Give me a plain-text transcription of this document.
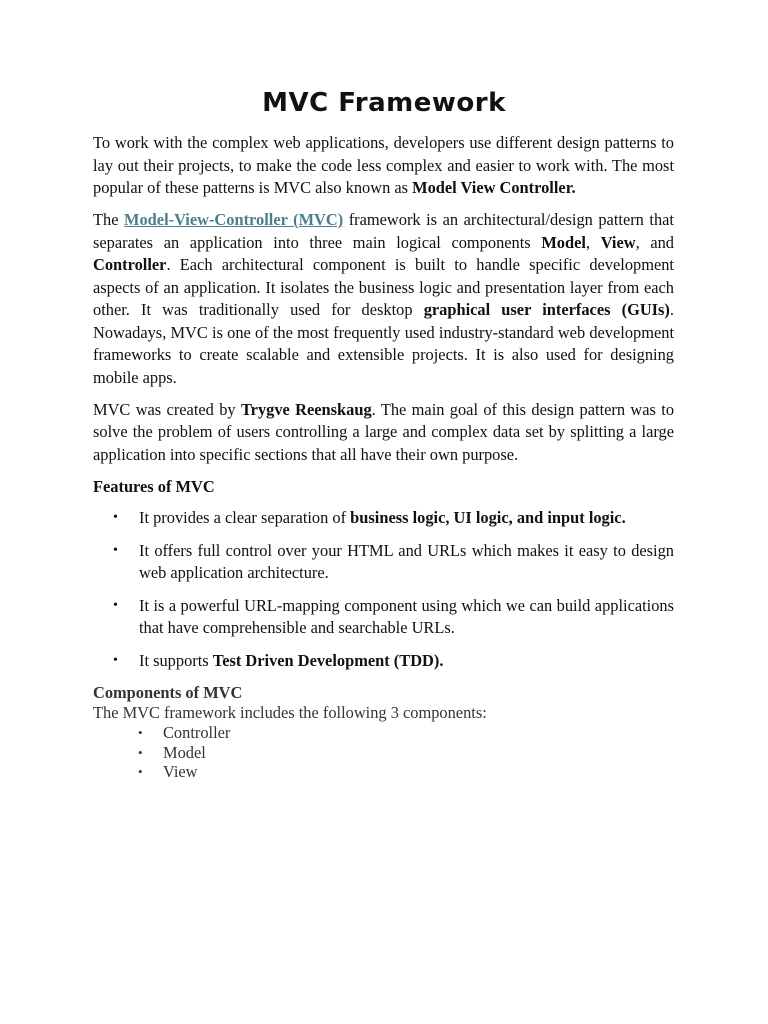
MVC Framework

To work with the complex web applications, developers use different design patterns to lay out their projects, to make the code less complex and easier to work with. The most popular of these patterns is MVC also known as Model View Controller.

The Model-View-Controller (MVC) framework is an architectural/design pattern that separates an application into three main logical components Model, View, and Controller. Each architectural component is built to handle specific development aspects of an application. It isolates the business logic and presentation layer from each other. It was traditionally used for desktop graphical user interfaces (GUIs). Nowadays, MVC is one of the most frequently used industry-standard web development frameworks to create scalable and extensible projects. It is also used for designing mobile apps.

MVC was created by Trygve Reenskaug. The main goal of this design pattern was to solve the problem of users controlling a large and complex data set by splitting a large application into specific sections that all have their own purpose.

Features of MVC
• It provides a clear separation of business logic, UI logic, and input logic.
• It offers full control over your HTML and URLs which makes it easy to design web application architecture.
• It is a powerful URL-mapping component using which we can build applications that have comprehensible and searchable URLs.
• It supports Test Driven Development (TDD).
Components of MVC
The MVC framework includes the following 3 components:
• Controller
• Model
• View
